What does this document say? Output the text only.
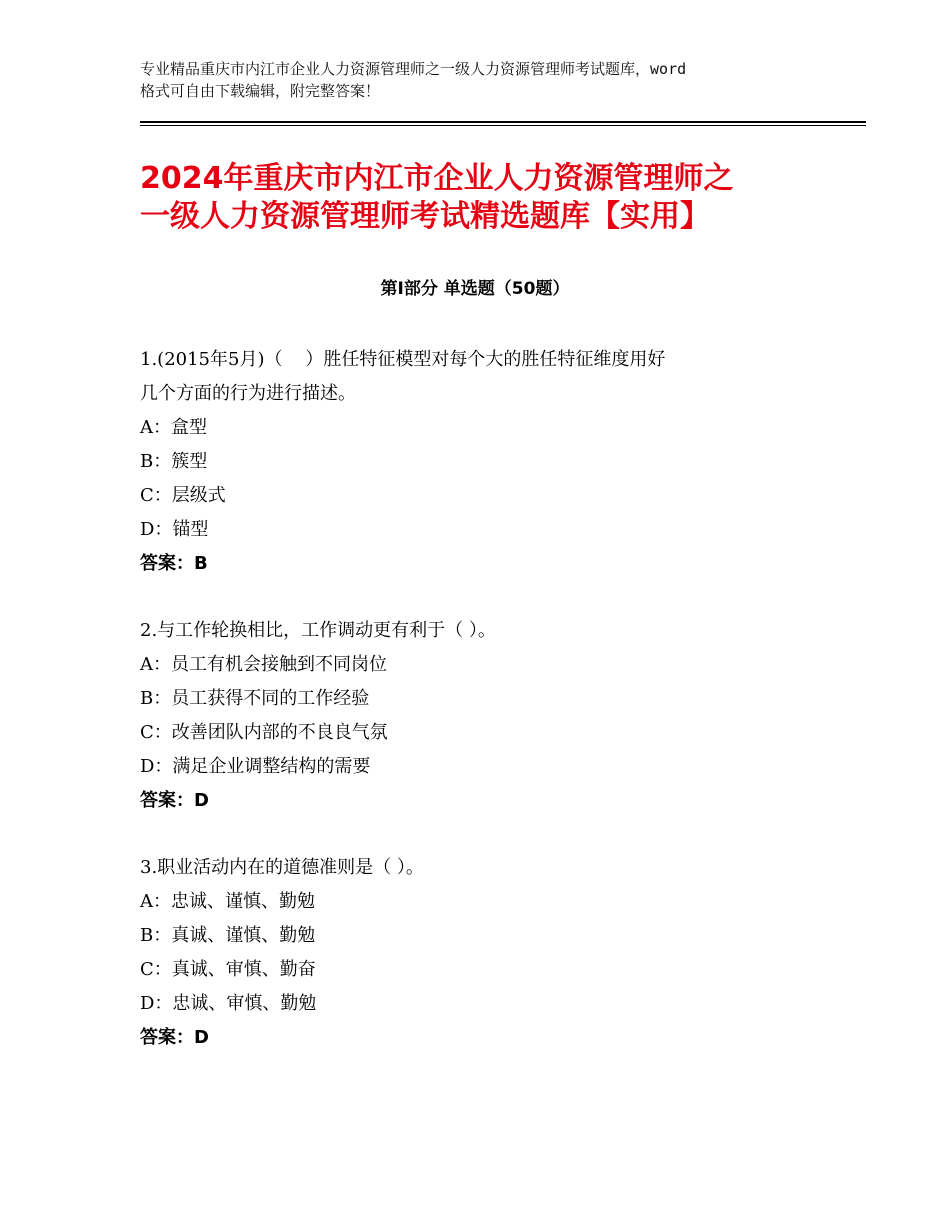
专业精品重庆市内江市企业人力资源管理师之一级人力资源管理师考试题库，word
格式可自由下载编辑，附完整答案！
2024年重庆市内江市企业人力资源管理师之
一级人力资源管理师考试精选题库【实用】
第Ⅰ部分 单选题（50题）
1.(2015年5月)（    ）胜任特征模型对每个大的胜任特征维度用好
几个方面的行为进行描述。
A：盒型
B：簇型
C：层级式
D：锚型
答案：B
2.与工作轮换相比，工作调动更有利于（ ）。
A：员工有机会接触到不同岗位
B：员工获得不同的工作经验
C：改善团队内部的不良良气氛
D：满足企业调整结构的需要
答案：D
3.职业活动内在的道德准则是（ ）。
A：忠诚、谨慎、勤勉
B：真诚、谨慎、勤勉
C：真诚、审慎、勤奋
D：忠诚、审慎、勤勉
答案：D
